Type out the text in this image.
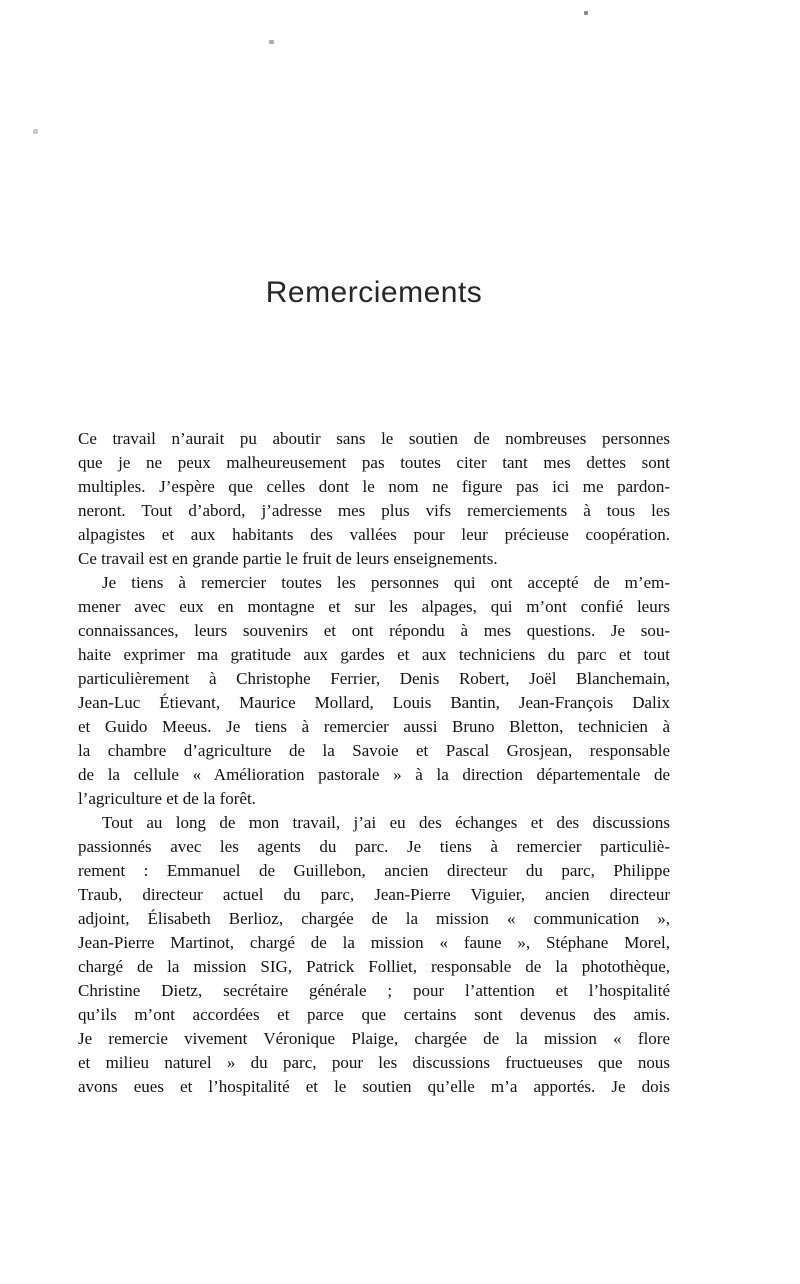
Remerciements
Ce travail n’aurait pu aboutir sans le soutien de nombreuses personnes
que je ne peux malheureusement pas toutes citer tant mes dettes sont
multiples. J’espère que celles dont le nom ne figure pas ici me pardon-
neront. Tout d’abord, j’adresse mes plus vifs remerciements à tous les
alpagistes et aux habitants des vallées pour leur précieuse coopération.
Ce travail est en grande partie le fruit de leurs enseignements.
Je tiens à remercier toutes les personnes qui ont accepté de m’em-
mener avec eux en montagne et sur les alpages, qui m’ont confié leurs
connaissances, leurs souvenirs et ont répondu à mes questions. Je sou-
haite exprimer ma gratitude aux gardes et aux techniciens du parc et tout
particulièrement à Christophe Ferrier, Denis Robert, Joël Blanchemain,
Jean-Luc Étievant, Maurice Mollard, Louis Bantin, Jean-François Dalix
et Guido Meeus. Je tiens à remercier aussi Bruno Bletton, technicien à
la chambre d’agriculture de la Savoie et Pascal Grosjean, responsable
de la cellule « Amélioration pastorale » à la direction départementale de
l’agriculture et de la forêt.
Tout au long de mon travail, j’ai eu des échanges et des discussions
passionnés avec les agents du parc. Je tiens à remercier particuliè-
rement : Emmanuel de Guillebon, ancien directeur du parc, Philippe
Traub, directeur actuel du parc, Jean-Pierre Viguier, ancien directeur
adjoint, Élisabeth Berlioz, chargée de la mission « communication »,
Jean-Pierre Martinot, chargé de la mission « faune », Stéphane Morel,
chargé de la mission SIG, Patrick Folliet, responsable de la photothèque,
Christine Dietz, secrétaire générale ; pour l’attention et l’hospitalité
qu’ils m’ont accordées et parce que certains sont devenus des amis.
Je remercie vivement Véronique Plaige, chargée de la mission « flore
et milieu naturel » du parc, pour les discussions fructueuses que nous
avons eues et l’hospitalité et le soutien qu’elle m’a apportés. Je dois
